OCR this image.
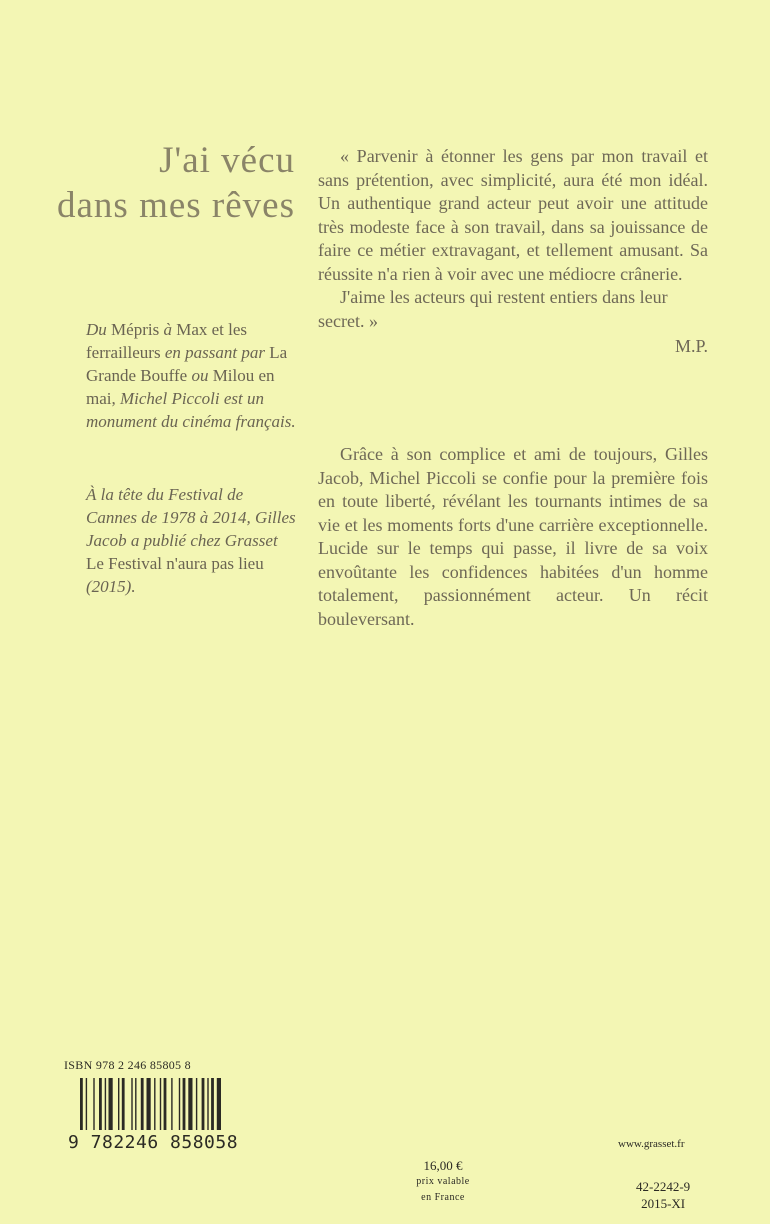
J'ai vécu
dans mes rêves
Du Mépris à Max et les ferrailleurs en passant par La Grande Bouffe ou Milou en mai, Michel Piccoli est un monument du cinéma français.
À la tête du Festival de Cannes de 1978 à 2014, Gilles Jacob a publié chez Grasset Le Festival n'aura pas lieu (2015).

« Parvenir à étonner les gens par mon travail et sans prétention, avec simplicité, aura été mon idéal. Un authentique grand acteur peut avoir une attitude très modeste face à son travail, dans sa jouissance de faire ce métier extravagant, et tellement amusant. Sa réussite n'a rien à voir avec une médiocre crânerie.

J'aime les acteurs qui restent entiers dans leur secret. »

M.P.

Grâce à son complice et ami de toujours, Gilles Jacob, Michel Piccoli se confie pour la première fois en toute liberté, révélant les tournants intimes de sa vie et les moments forts d'une carrière exceptionnelle. Lucide sur le temps qui passe, il livre de sa voix envoûtante les confidences habitées d'un homme totalement, passionnément acteur. Un récit bouleversant.

ISBN 978 2 246 85805 8
9 782246 858058
16,00 €
prix valable
en France
www.grasset.fr
42-2242-9
2015-XI
